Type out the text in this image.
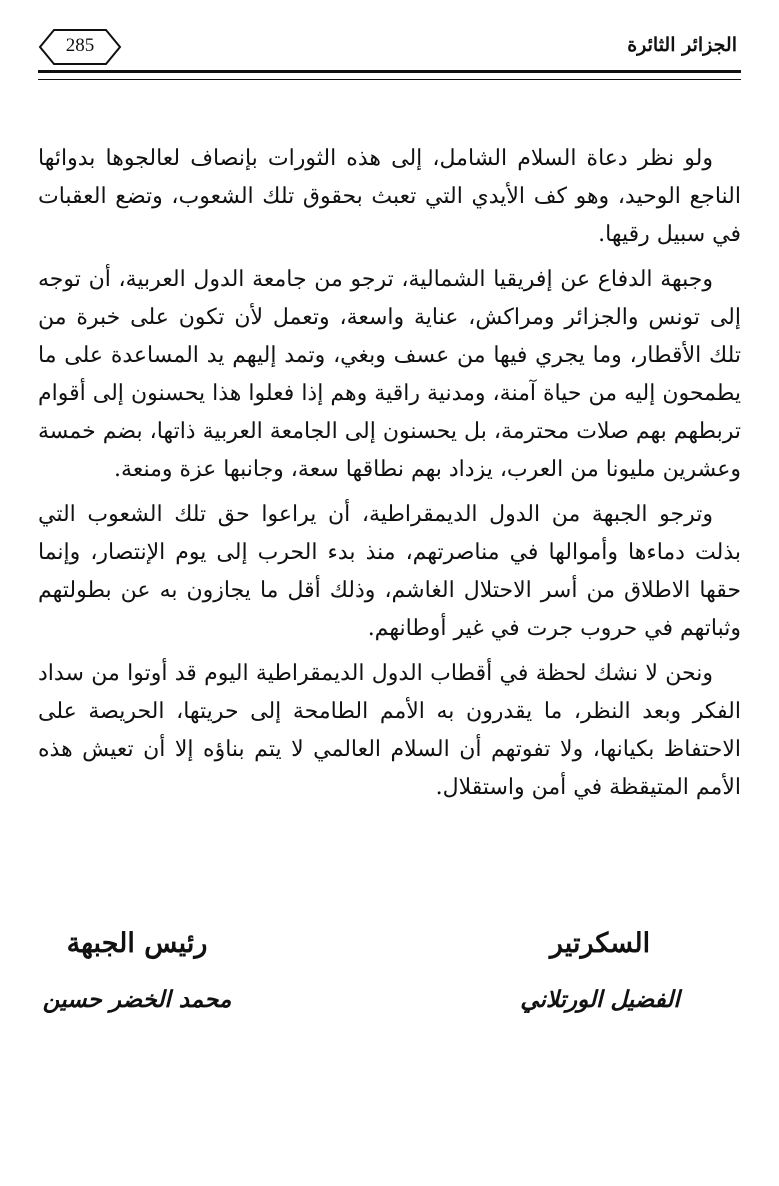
الجزائر الثائرة
285

ولو نظر دعاة السلام الشامل، إلى هذه الثورات بإنصاف لعالجوها بدوائها الناجع الوحيد، وهو كف الأيدي التي تعبث بحقوق تلك الشعوب، وتضع العقبات في سبيل رقيها.

وجبهة الدفاع عن إفريقيا الشمالية، ترجو من جامعة الدول العربية، أن توجه إلى تونس والجزائر ومراكش، عناية واسعة، وتعمل لأن تكون على خبرة من تلك الأقطار، وما يجري فيها من عسف وبغي، وتمد إليهم يد المساعدة على ما يطمحون إليه من حياة آمنة، ومدنية راقية وهم إذا فعلوا هذا يحسنون إلى أقوام تربطهم بهم صلات محترمة، بل يحسنون إلى الجامعة العربية ذاتها، بضم خمسة وعشرين مليونا من العرب، يزداد بهم نطاقها سعة، وجانبها عزة ومنعة.

وترجو الجبهة من الدول الديمقراطية، أن يراعوا حق تلك الشعوب التي بذلت دماءها وأموالها في مناصرتهم، منذ بدء الحرب إلى يوم الإنتصار، وإنما حقها الاطلاق من أسر الاحتلال الغاشم، وذلك أقل ما يجازون به عن بطولتهم وثباتهم في حروب جرت في غير أوطانهم.

ونحن لا نشك لحظة في أقطاب الدول الديمقراطية اليوم قد أوتوا من سداد الفكر وبعد النظر، ما يقدرون به الأمم الطامحة إلى حريتها، الحريصة على الاحتفاظ بكيانها، ولا تفوتهم أن السلام العالمي لا يتم بناؤه إلا أن تعيش هذه الأمم المتيقظة في أمن واستقلال.

السكرتير
الفضيل الورتلاني
رئيس الجبهة
محمد الخضر حسين
